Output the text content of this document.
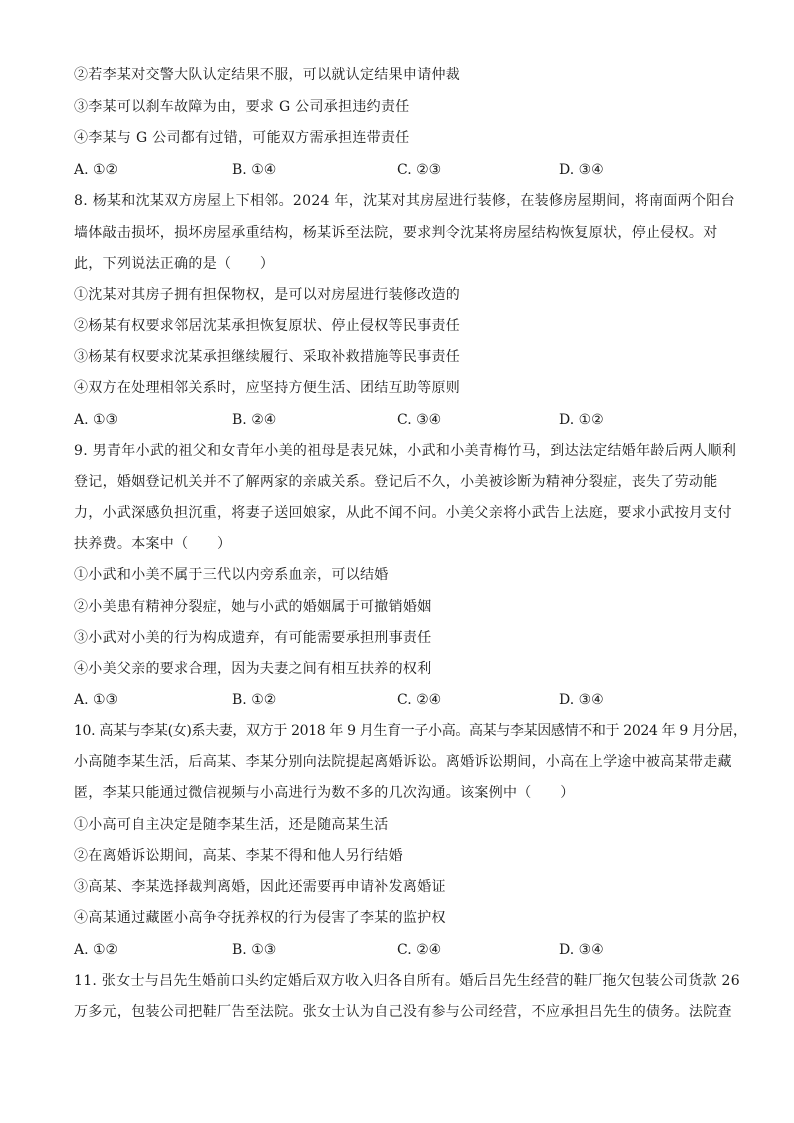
②若李某对交警大队认定结果不服，可以就认定结果申请仲裁
③李某可以刹车故障为由，要求 G 公司承担违约责任
④李某与 G 公司都有过错，可能双方需承担连带责任
A. ①②	B. ①④	C. ②③	D. ③④
8. 杨某和沈某双方房屋上下相邻。2024 年，沈某对其房屋进行装修，在装修房屋期间，将南面两个阳台
墙体敲击损坏，损坏房屋承重结构，杨某诉至法院，要求判令沈某将房屋结构恢复原状，停止侵权。对
此，下列说法正确的是（　　）
①沈某对其房子拥有担保物权，是可以对房屋进行装修改造的
②杨某有权要求邻居沈某承担恢复原状、停止侵权等民事责任
③杨某有权要求沈某承担继续履行、采取补救措施等民事责任
④双方在处理相邻关系时，应坚持方便生活、团结互助等原则
A. ①③	B. ②④	C. ③④	D. ①②
9. 男青年小武的祖父和女青年小美的祖母是表兄妹，小武和小美青梅竹马，到达法定结婚年龄后两人顺利
登记，婚姻登记机关并不了解两家的亲戚关系。登记后不久，小美被诊断为精神分裂症，丧失了劳动能
力，小武深感负担沉重，将妻子送回娘家，从此不闻不问。小美父亲将小武告上法庭，要求小武按月支付
扶养费。本案中（　　）
①小武和小美不属于三代以内旁系血亲，可以结婚
②小美患有精神分裂症，她与小武的婚姻属于可撤销婚姻
③小武对小美的行为构成遗弃，有可能需要承担刑事责任
④小美父亲的要求合理，因为夫妻之间有相互扶养的权利
A. ①③	B. ①②	C. ②④	D. ③④
10. 高某与李某(女)系夫妻，双方于 2018 年 9 月生育一子小高。高某与李某因感情不和于 2024 年 9 月分居，
小高随李某生活，后高某、李某分别向法院提起离婚诉讼。离婚诉讼期间，小高在上学途中被高某带走藏
匿，李某只能通过微信视频与小高进行为数不多的几次沟通。该案例中（　　）
①小高可自主决定是随李某生活，还是随高某生活
②在离婚诉讼期间，高某、李某不得和他人另行结婚
③高某、李某选择裁判离婚，因此还需要再申请补发离婚证
④高某通过藏匿小高争夺抚养权的行为侵害了李某的监护权
A. ①②	B. ①③	C. ②④	D. ③④
11. 张女士与吕先生婚前口头约定婚后双方收入归各自所有。婚后吕先生经营的鞋厂拖欠包装公司货款 26
万多元，包装公司把鞋厂告至法院。张女士认为自己没有参与公司经营，不应承担吕先生的债务。法院查
